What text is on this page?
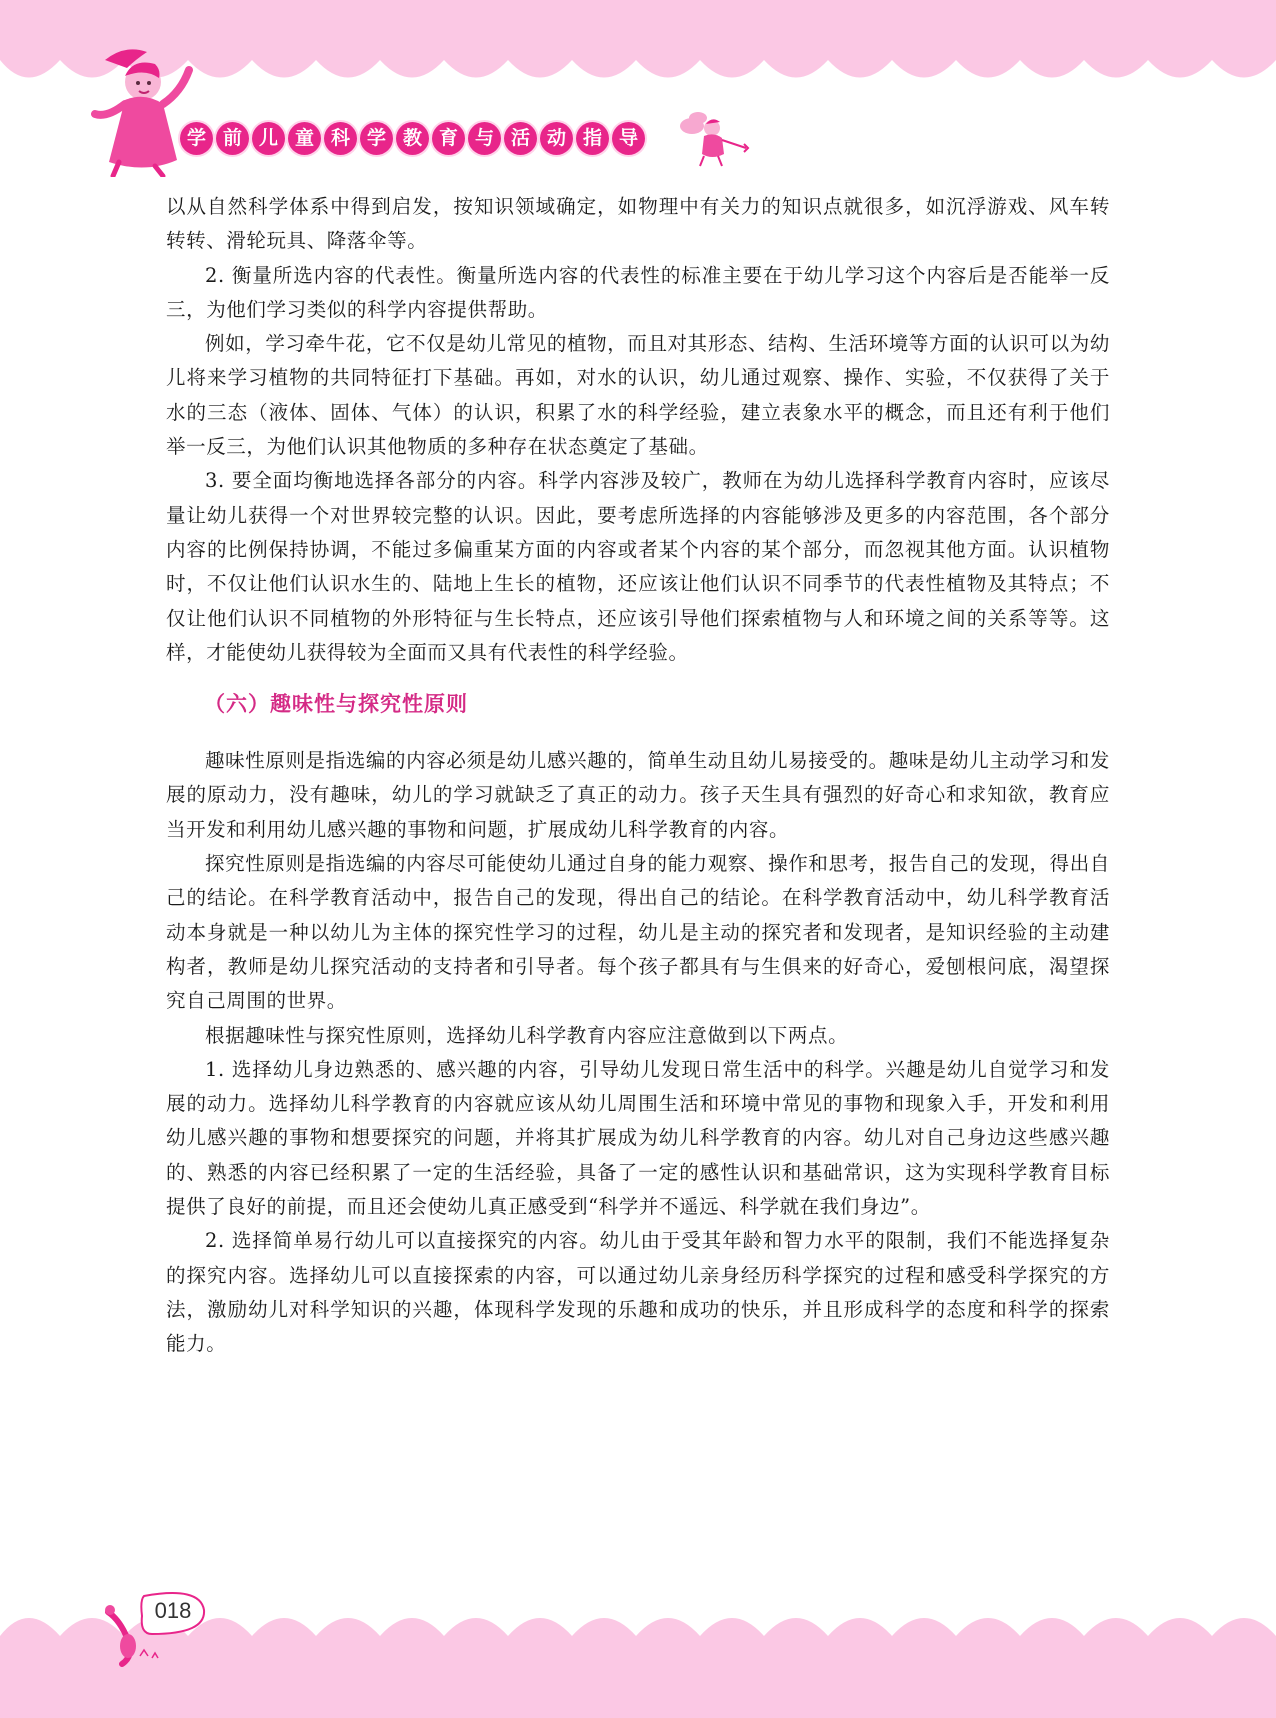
学 前 儿 童 科 学 教 育 与 活 动 指 导

以从自然科学体系中得到启发，按知识领域确定，如物理中有关力的知识点就很多，如沉浮游戏、风车转转转、滑轮玩具、降落伞等。

2. 衡量所选内容的代表性。衡量所选内容的代表性的标准主要在于幼儿学习这个内容后是否能举一反三，为他们学习类似的科学内容提供帮助。

例如，学习牵牛花，它不仅是幼儿常见的植物，而且对其形态、结构、生活环境等方面的认识可以为幼儿将来学习植物的共同特征打下基础。再如，对水的认识，幼儿通过观察、操作、实验，不仅获得了关于水的三态（液体、固体、气体）的认识，积累了水的科学经验，建立表象水平的概念，而且还有利于他们举一反三，为他们认识其他物质的多种存在状态奠定了基础。

3. 要全面均衡地选择各部分的内容。科学内容涉及较广，教师在为幼儿选择科学教育内容时，应该尽量让幼儿获得一个对世界较完整的认识。因此，要考虑所选择的内容能够涉及更多的内容范围，各个部分内容的比例保持协调，不能过多偏重某方面的内容或者某个内容的某个部分，而忽视其他方面。认识植物时，不仅让他们认识水生的、陆地上生长的植物，还应该让他们认识不同季节的代表性植物及其特点；不仅让他们认识不同植物的外形特征与生长特点，还应该引导他们探索植物与人和环境之间的关系等等。这样，才能使幼儿获得较为全面而又具有代表性的科学经验。

（六）趣味性与探究性原则

趣味性原则是指选编的内容必须是幼儿感兴趣的，简单生动且幼儿易接受的。趣味是幼儿主动学习和发展的原动力，没有趣味，幼儿的学习就缺乏了真正的动力。孩子天生具有强烈的好奇心和求知欲，教育应当开发和利用幼儿感兴趣的事物和问题，扩展成幼儿科学教育的内容。

探究性原则是指选编的内容尽可能使幼儿通过自身的能力观察、操作和思考，报告自己的发现，得出自己的结论。在科学教育活动中，报告自己的发现，得出自己的结论。在科学教育活动中，幼儿科学教育活动本身就是一种以幼儿为主体的探究性学习的过程，幼儿是主动的探究者和发现者，是知识经验的主动建构者，教师是幼儿探究活动的支持者和引导者。每个孩子都具有与生俱来的好奇心，爱刨根问底，渴望探究自己周围的世界。

根据趣味性与探究性原则，选择幼儿科学教育内容应注意做到以下两点。

1. 选择幼儿身边熟悉的、感兴趣的内容，引导幼儿发现日常生活中的科学。兴趣是幼儿自觉学习和发展的动力。选择幼儿科学教育的内容就应该从幼儿周围生活和环境中常见的事物和现象入手，开发和利用幼儿感兴趣的事物和想要探究的问题，并将其扩展成为幼儿科学教育的内容。幼儿对自己身边这些感兴趣的、熟悉的内容已经积累了一定的生活经验，具备了一定的感性认识和基础常识，这为实现科学教育目标提供了良好的前提，而且还会使幼儿真正感受到“科学并不遥远、科学就在我们身边”。

2. 选择简单易行幼儿可以直接探究的内容。幼儿由于受其年龄和智力水平的限制，我们不能选择复杂的探究内容。选择幼儿可以直接探索的内容，可以通过幼儿亲身经历科学探究的过程和感受科学探究的方法，激励幼儿对科学知识的兴趣，体现科学发现的乐趣和成功的快乐，并且形成科学的态度和科学的探索能力。

018
